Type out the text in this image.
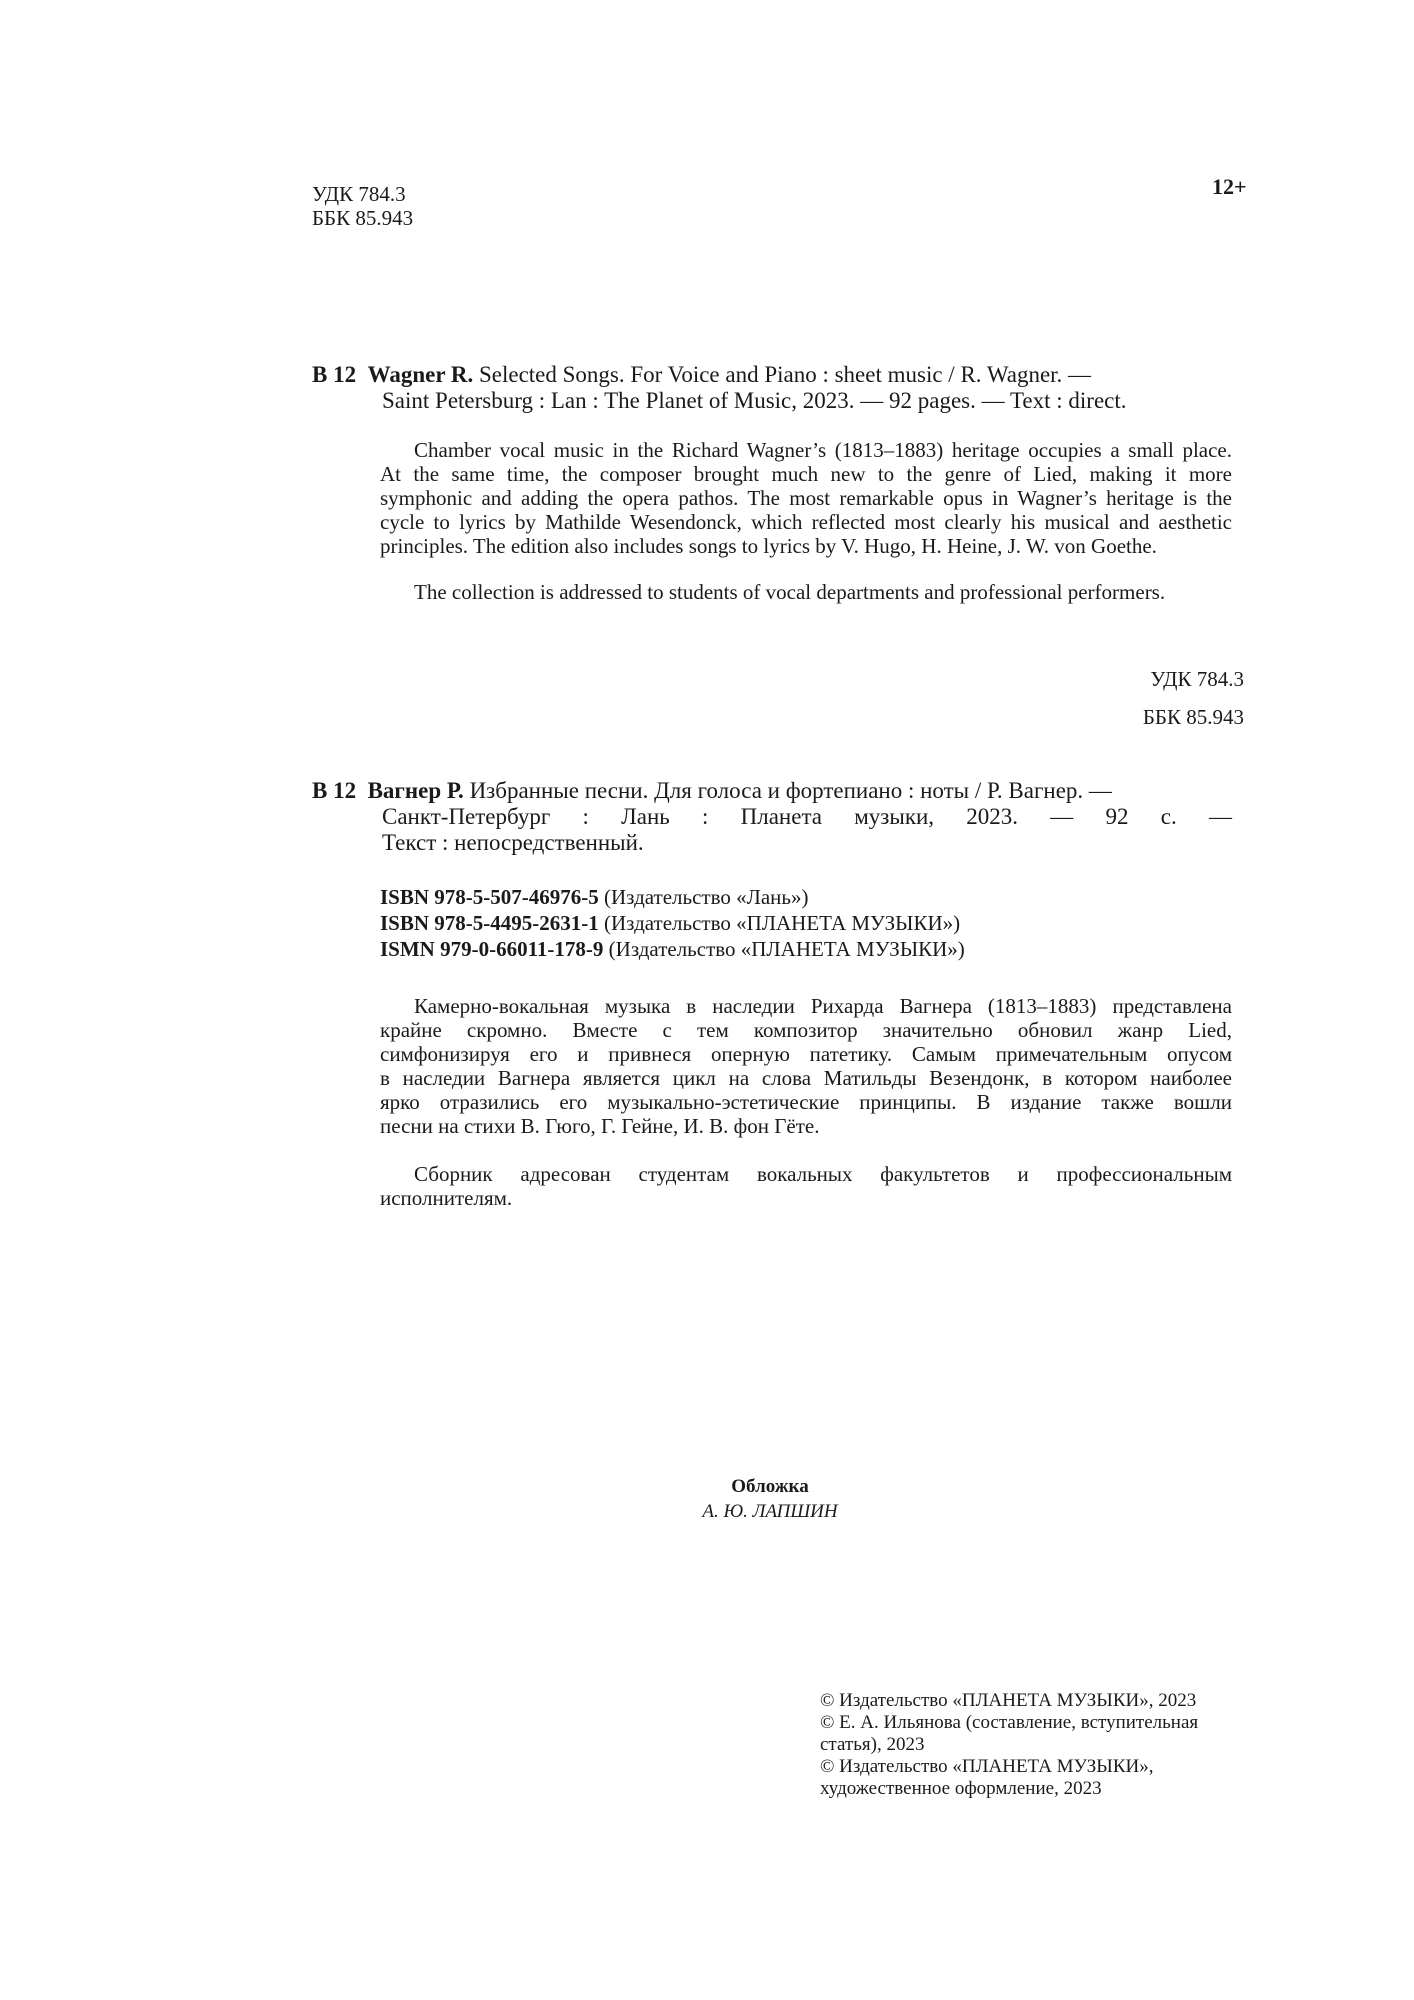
УДК 784.3
ББК 85.943
12+
В 12 Wagner R. Selected Songs. For Voice and Piano : sheet music / R. Wagner. —
Saint Petersburg : Lan : The Planet of Music, 2023. — 92 pages. — Text : direct.
Chamber vocal music in the Richard Wagner’s (1813–1883) heritage occupies a small place.
At the same time, the composer brought much new to the genre of Lied, making it more
symphonic and adding the opera pathos. The most remarkable opus in Wagner’s heritage is the
cycle to lyrics by Mathilde Wesendonck, which reflected most clearly his musical and aesthetic
principles. The edition also includes songs to lyrics by V. Hugo, H. Heine, J. W. von Goethe.
The collection is addressed to students of vocal departments and professional performers.
УДК 784.3
ББК 85.943
В 12 Вагнер Р. Избранные песни. Для голоса и фортепиано : ноты / Р. Вагнер. —
Санкт-Петербург : Лань : Планета музыки, 2023. — 92 с. —
Текст : непосредственный.
ISBN 978-5-507-46976-5 (Издательство «Лань»)
ISBN 978-5-4495-2631-1 (Издательство «ПЛАНЕТА МУЗЫКИ»)
ISMN 979-0-66011-178-9 (Издательство «ПЛАНЕТА МУЗЫКИ»)
Камерно-вокальная музыка в наследии Рихарда Вагнера (1813–1883) представлена
крайне скромно. Вместе с тем композитор значительно обновил жанр Lied,
симфонизируя его и привнеся оперную патетику. Самым примечательным опусом
в наследии Вагнера является цикл на слова Матильды Везендонк, в котором наиболее
ярко отразились его музыкально-эстетические принципы. В издание также вошли
песни на стихи В. Гюго, Г. Гейне, И. В. фон Гёте.
Сборник адресован студентам вокальных факультетов и профессиональным
исполнителям.
Обложка
А. Ю. ЛАПШИН
© Издательство «ПЛАНЕТА МУЗЫКИ», 2023
© Е. А. Ильянова (составление, вступительная
статья), 2023
© Издательство «ПЛАНЕТА МУЗЫКИ»,
художественное оформление, 2023
